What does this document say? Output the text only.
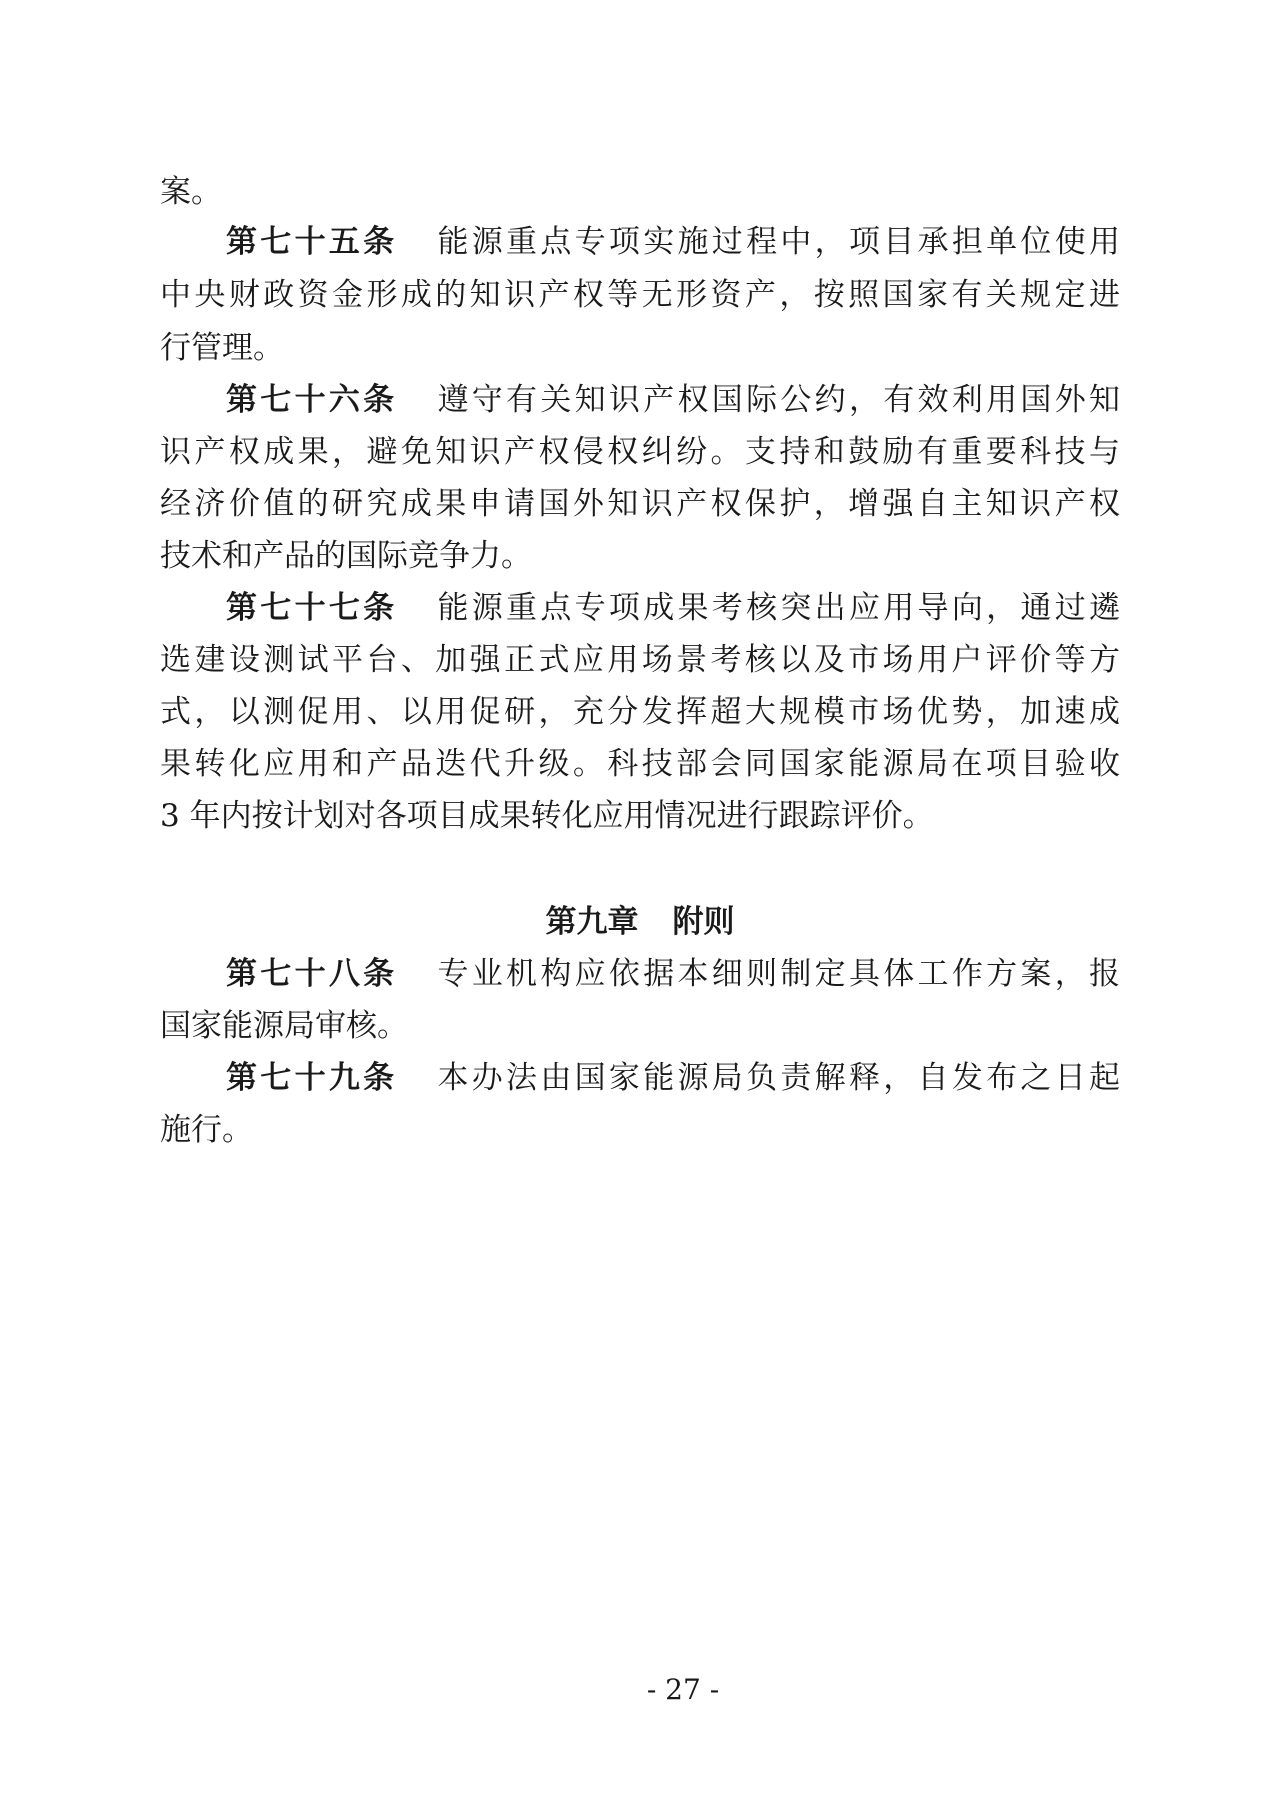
案。
第七十五条 能源重点专项实施过程中，项目承担单位使用
中央财政资金形成的知识产权等无形资产，按照国家有关规定进
行管理。
第七十六条 遵守有关知识产权国际公约，有效利用国外知
识产权成果，避免知识产权侵权纠纷。支持和鼓励有重要科技与
经济价值的研究成果申请国外知识产权保护，增强自主知识产权
技术和产品的国际竞争力。
第七十七条 能源重点专项成果考核突出应用导向，通过遴
选建设测试平台、加强正式应用场景考核以及市场用户评价等方
式，以测促用、以用促研，充分发挥超大规模市场优势，加速成
果转化应用和产品迭代升级。科技部会同国家能源局在项目验收
3 年内按计划对各项目成果转化应用情况进行跟踪评价。
第九章 附则
第七十八条 专业机构应依据本细则制定具体工作方案，报
国家能源局审核。
第七十九条 本办法由国家能源局负责解释，自发布之日起
施行。
- 27 -
